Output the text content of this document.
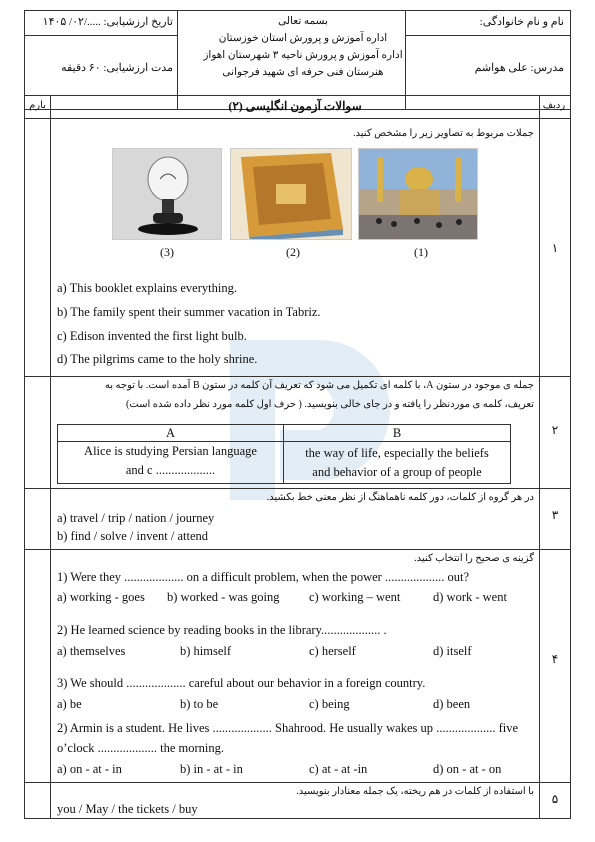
نام و نام خانوادگی:
مدرس: علی هواشم
تاریخ ارزشیابی: ...../۰۲/ ۱۴۰۵
مدت ارزشیابی: ۶۰ دقیقه
بسمه تعالی
اداره آموزش و پرورش استان خوزستان
اداره آموزش و پرورش ناحیه ۳ شهرستان اهواز
هنرستان فنی حرفه ای شهید فرجوانی
ردیف
سوالات آزمون انگلیسی (۲)
بارم
۱
جملات مربوط به تصاویر زیر را مشخص کنید.
a) This booklet explains everything.
b) The family spent their summer vacation in Tabriz.
c) Edison invented the first light bulb.
d) The pilgrims came to the holy shrine.
۲
جمله ی موجود در ستون A، با کلمه ای تکمیل می شود که تعریف آن کلمه در ستون B آمده است. با توجه به
تعریف، کلمه ی موردنظر را یافته و در جای خالی بنویسید. ( حرف اول کلمه مورد نظر داده شده است)
A	B
Alice is studying Persian language
and c ...................
the way of life, especially the beliefs
and behavior of a group of people
۳
در هر گروه از کلمات، دور کلمه ناهماهنگ از نظر معنی خط بکشید.
a) travel / trip / nation / journey
b) find / solve / invent / attend
۴
گزینه ی صحیح را انتخاب کنید.
1) Were they ................... on a difficult problem, when the power ................... out?
a) working - goes b) worked - was going c) working – went	d) work - went
2) He learned science by reading books in the library................... .
a) themselves	b) himself	c) herself	d) itself
3) We should ................... careful about our behavior in a foreign country.
a) be	b) to be	c) being	d) been
2) Armin is a student. He lives ................... Shahrood. He usually wakes up ................... five
o’clock ................... the morning.
a) on - at - in	b) in - at - in	c) at - at -in	d) on - at - on
۵
با استفاده از کلمات در هم ریخته، یک جمله معنادار بنویسید.
you / May / the tickets / buy
(1)
(2)
(3)
